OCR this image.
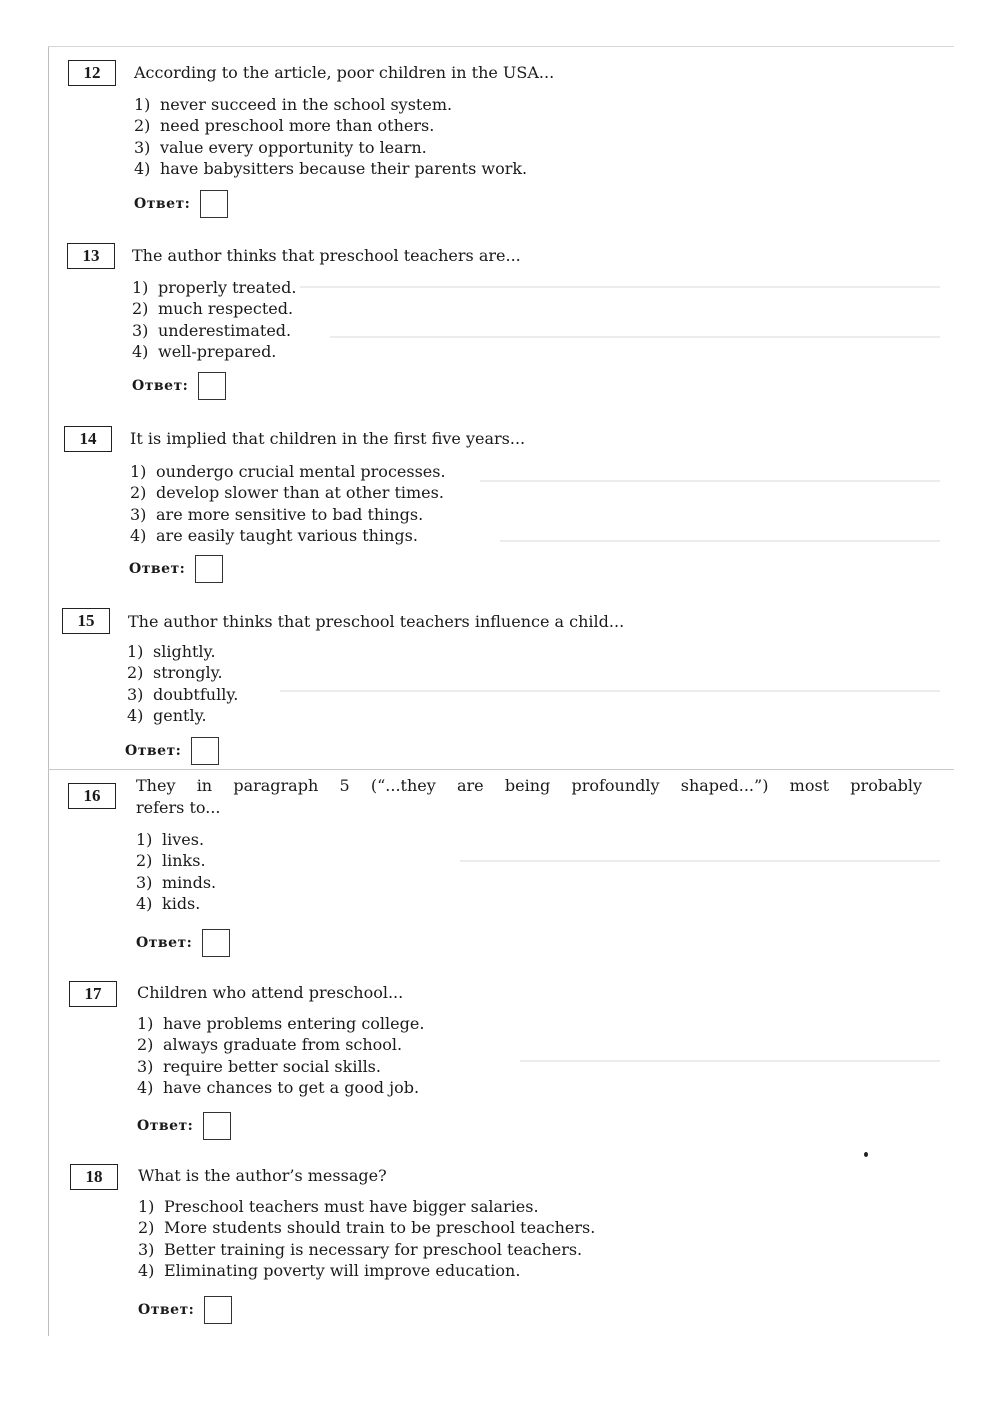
12	According to the article, poor children in the USA...
1) never succeed in the school system.
2) need preschool more than others.
3) value every opportunity to learn.
4) have babysitters because their parents work.
Ответ:
13	The author thinks that preschool teachers are...
1) properly treated.
2) much respected.
3) underestimated.
4) well-prepared.
Ответ:
14	It is implied that children in the first five years...
1) oundergo crucial mental processes.
2) develop slower than at other times.
3) are more sensitive to bad things.
4) are easily taught various things.
Ответ:
15	The author thinks that preschool teachers influence a child...
1) slightly.
2) strongly.
3) doubtfully.
4) gently.
Ответ:
16
They in paragraph 5 (“...they are being profoundly shaped...”) most probably
refers to...
1) lives.
2) links.
3) minds.
4) kids.
Ответ:
17	Children who attend preschool...
1) have problems entering college.
2) always graduate from school.
3) require better social skills.
4) have chances to get a good job.
Ответ:
18	What is the author’s message?
1) Preschool teachers must have bigger salaries.
2) More students should train to be preschool teachers.
3) Better training is necessary for preschool teachers.
4) Eliminating poverty will improve education.
Ответ:
